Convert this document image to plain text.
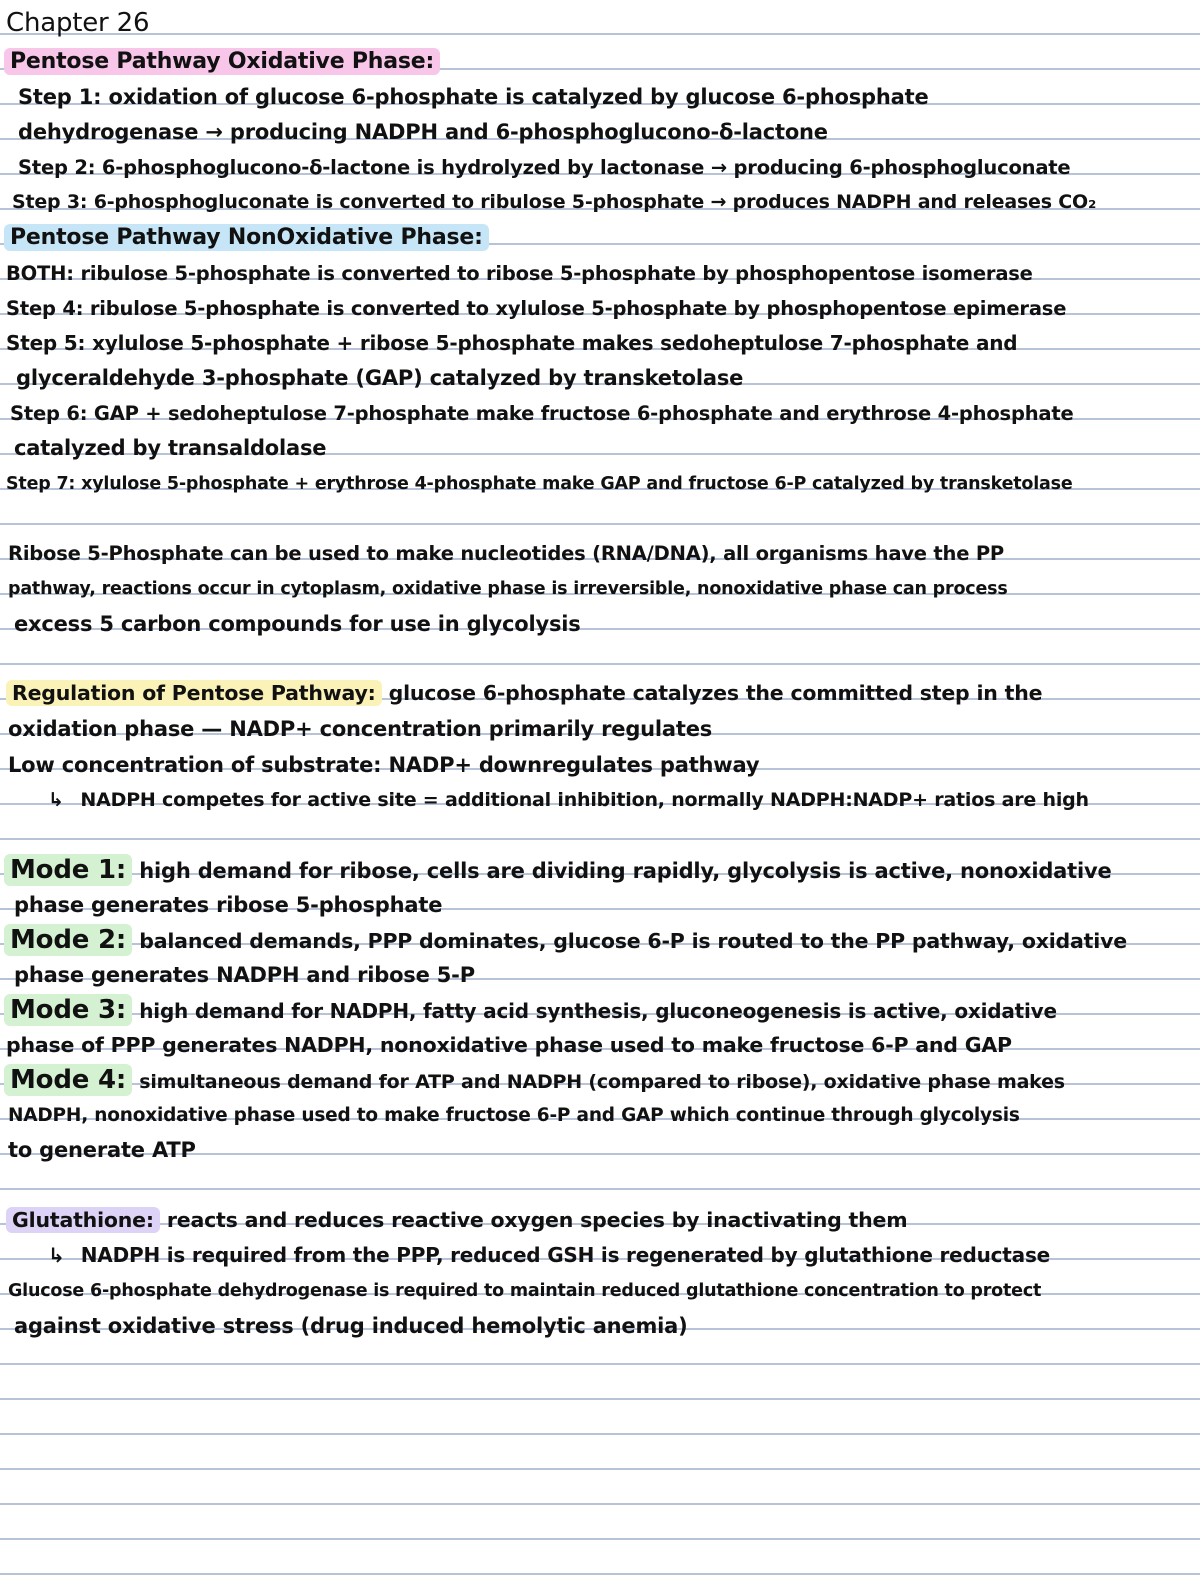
Chapter 26
Pentose Pathway Oxidative Phase:
Step 1: oxidation of glucose 6-phosphate is catalyzed by glucose 6-phosphate
dehydrogenase → producing NADPH and 6-phosphoglucono-δ-lactone
Step 2: 6-phosphoglucono-δ-lactone is hydrolyzed by lactonase → producing 6-phosphogluconate
Step 3: 6-phosphogluconate is converted to ribulose 5-phosphate → produces NADPH and releases CO₂
Pentose Pathway NonOxidative Phase:
BOTH: ribulose 5-phosphate is converted to ribose 5-phosphate by phosphopentose isomerase
Step 4: ribulose 5-phosphate is converted to xylulose 5-phosphate by phosphopentose epimerase
Step 5: xylulose 5-phosphate + ribose 5-phosphate makes sedoheptulose 7-phosphate and
glyceraldehyde 3-phosphate (GAP) catalyzed by transketolase
Step 6: GAP + sedoheptulose 7-phosphate make fructose 6-phosphate and erythrose 4-phosphate
catalyzed by transaldolase
Step 7: xylulose 5-phosphate + erythrose 4-phosphate make GAP and fructose 6-P catalyzed by transketolase
Ribose 5-Phosphate can be used to make nucleotides (RNA/DNA), all organisms have the PP
pathway, reactions occur in cytoplasm, oxidative phase is irreversible, nonoxidative phase can process
excess 5 carbon compounds for use in glycolysis
Regulation of Pentose Pathway: glucose 6-phosphate catalyzes the committed step in the
oxidation phase — NADP+ concentration primarily regulates
Low concentration of substrate: NADP+ downregulates pathway
↳ NADPH competes for active site = additional inhibition, normally NADPH:NADP+ ratios are high
Mode 1: high demand for ribose, cells are dividing rapidly, glycolysis is active, nonoxidative
phase generates ribose 5-phosphate
Mode 2: balanced demands, PPP dominates, glucose 6-P is routed to the PP pathway, oxidative
phase generates NADPH and ribose 5-P
Mode 3: high demand for NADPH, fatty acid synthesis, gluconeogenesis is active, oxidative
phase of PPP generates NADPH, nonoxidative phase used to make fructose 6-P and GAP
Mode 4: simultaneous demand for ATP and NADPH (compared to ribose), oxidative phase makes
NADPH, nonoxidative phase used to make fructose 6-P and GAP which continue through glycolysis
to generate ATP
Glutathione: reacts and reduces reactive oxygen species by inactivating them
↳ NADPH is required from the PPP, reduced GSH is regenerated by glutathione reductase
Glucose 6-phosphate dehydrogenase is required to maintain reduced glutathione concentration to protect
against oxidative stress (drug induced hemolytic anemia)
